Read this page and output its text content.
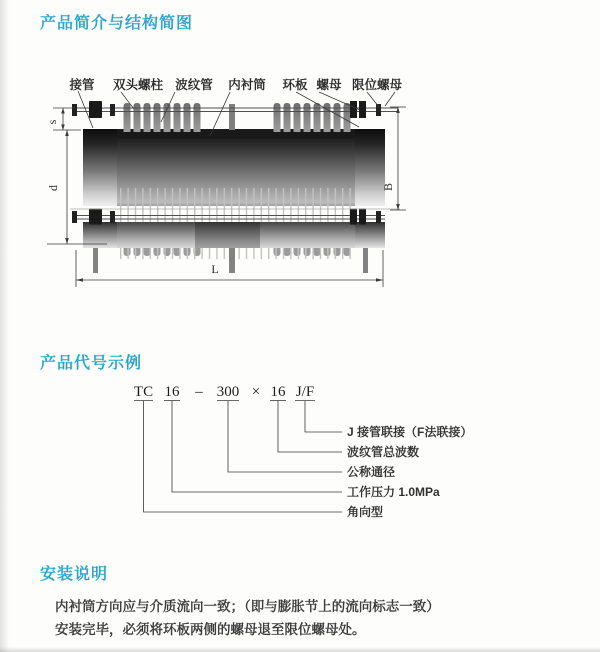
产品简介与结构简图
s
d	B
L
接管 双头螺柱 波纹管 内衬筒 环板 螺母 限位螺母
产品代号示例
TC 16 – 300 × 16 J/F
J 接管联接（F法联接）
波纹管总波数
公称通径
工作压力 1.0MPa
角向型
安装说明

内衬筒方向应与介质流向一致；（即与膨胀节上的流向标志一致）

安装完毕，必须将环板两侧的螺母退至限位螺母处。
